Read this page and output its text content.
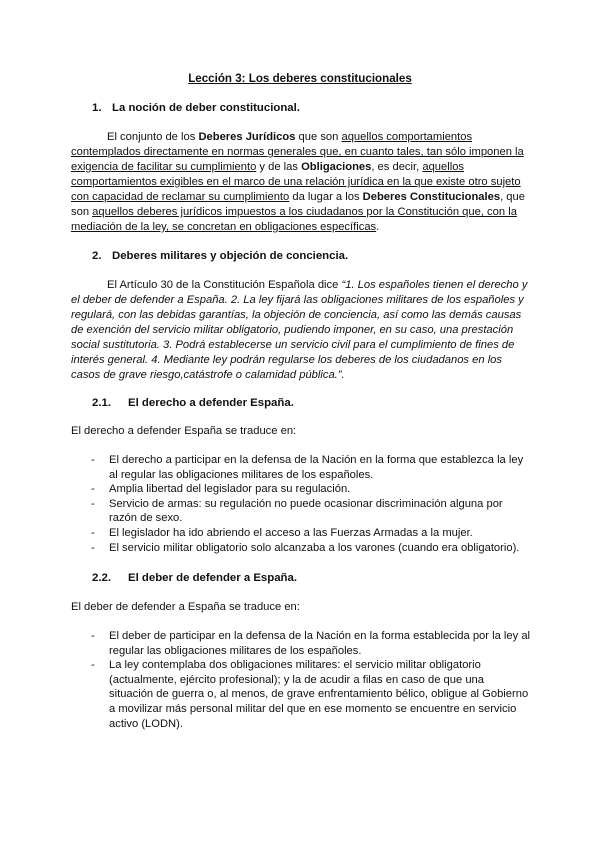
Lección 3: Los deberes constitucionales
1. La noción de deber constitucional.
El conjunto de los Deberes Jurídicos que son aquellos comportamientos contemplados directamente en normas generales que, en cuanto tales, tan sólo imponen la exigencia de facilitar su cumplimiento y de las Obligaciones, es decir, aquellos comportamientos exigibles en el marco de una relación jurídica en la que existe otro sujeto con capacidad de reclamar su cumplimiento da lugar a los Deberes Constitucionales, que son aquellos deberes jurídicos impuestos a los ciudadanos por la Constitución que, con la mediación de la ley, se concretan en obligaciones específicas.
2. Deberes militares y objeción de conciencia.
El Artículo 30 de la Constitución Española dice “1. Los españoles tienen el derecho y el deber de defender a España. 2. La ley fijará las obligaciones militares de los españoles y regulará, con las debidas garantías, la objeción de conciencia, así como las demás causas de exención del servicio militar obligatorio, pudiendo imponer, en su caso, una prestación social sustitutoria. 3. Podrá establecerse un servicio civil para el cumplimiento de fines de interés general. 4. Mediante ley podrán regularse los deberes de los ciudadanos en los casos de grave riesgo,catástrofe o calamidad pública.”.
2.1. El derecho a defender España.
El derecho a defender España se traduce en:
- El derecho a participar en la defensa de la Nación en la forma que establezca la ley al regular las obligaciones militares de los españoles.
- Amplia libertad del legislador para su regulación.
- Servicio de armas: su regulación no puede ocasionar discriminación alguna por razón de sexo.
- El legislador ha ido abriendo el acceso a las Fuerzas Armadas a la mujer.
- El servicio militar obligatorio solo alcanzaba a los varones (cuando era obligatorio).
2.2. El deber de defender a España.
El deber de defender a España se traduce en:
- El deber de participar en la defensa de la Nación en la forma establecida por la ley al regular las obligaciones militares de los españoles.
- La ley contemplaba dos obligaciones militares: el servicio militar obligatorio (actualmente, ejército profesional); y la de acudir a filas en caso de que una situación de guerra o, al menos, de grave enfrentamiento bélico, obligue al Gobierno a movilizar más personal militar del que en ese momento se encuentre en servicio activo (LODN).
